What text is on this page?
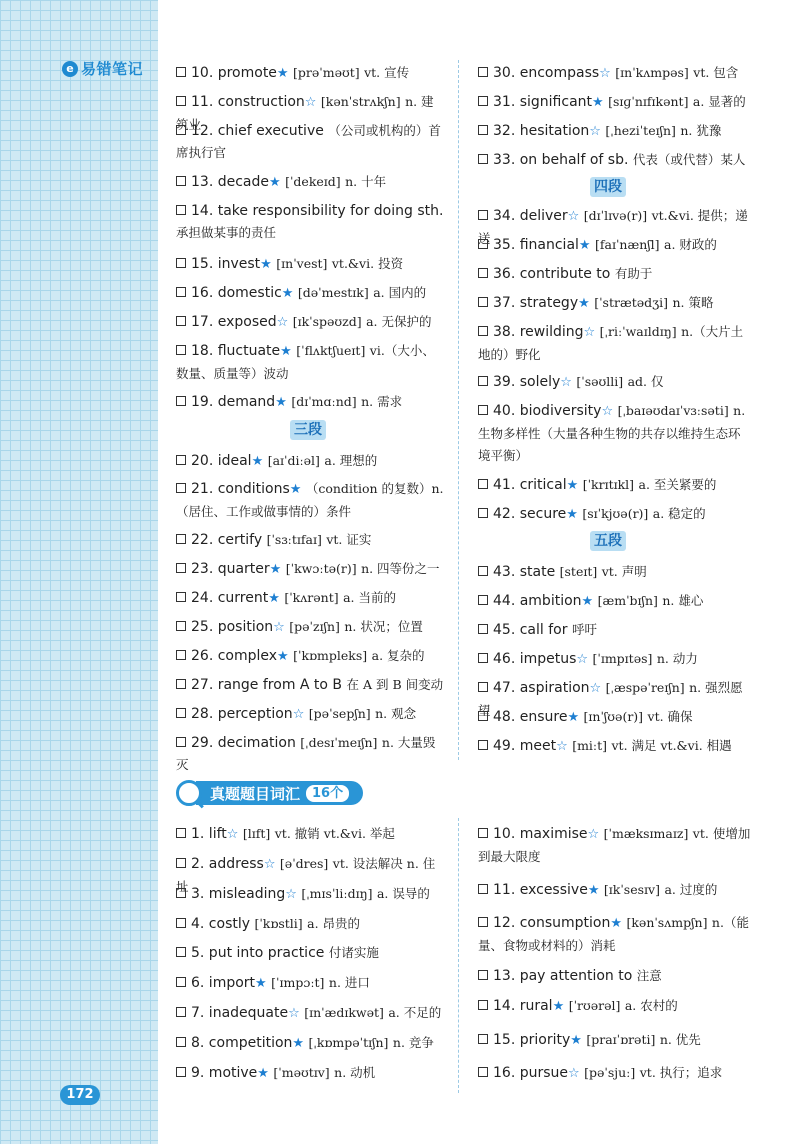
e 易错笔记
172
10. promote★ [prəˈməʊt] vt. 宣传
11. construction☆ [kənˈstrʌkʃn] n. 建筑业
12. chief executive （公司或机构的）首席执行官
13. decade★ [ˈdekeɪd] n. 十年
14. take responsibility for doing sth. 承担做某事的责任
15. invest★ [ɪnˈvest] vt.&vi. 投资
16. domestic★ [dəˈmestɪk] a. 国内的
17. exposed☆ [ɪkˈspəʊzd] a. 无保护的
18. fluctuate★ [ˈflʌktʃueɪt] vi.（大小、数量、质量等）波动
19. demand★ [dɪˈmɑːnd] n. 需求
20. ideal★ [aɪˈdiːəl] a. 理想的
21. conditions★ （condition 的复数）n.（居住、工作或做事情的）条件
22. certify [ˈsɜːtɪfaɪ] vt. 证实
23. quarter★ [ˈkwɔːtə(r)] n. 四等份之一
24. current★ [ˈkʌrənt] a. 当前的
25. position☆ [pəˈzɪʃn] n. 状况；位置
26. complex★ [ˈkɒmpleks] a. 复杂的
27. range from A to B 在 A 到 B 间变动
28. perception☆ [pəˈsepʃn] n. 观念
29. decimation [ˌdesɪˈmeɪʃn] n. 大量毁灭
30. encompass☆ [ɪnˈkʌmpəs] vt. 包含
31. significant★ [sɪɡˈnɪfɪkənt] a. 显著的
32. hesitation☆ [ˌheziˈteɪʃn] n. 犹豫
33. on behalf of sb. 代表（或代替）某人
34. deliver☆ [dɪˈlɪvə(r)] vt.&vi. 提供；递送 35. financial★ [faɪˈnænʃl] a. 财政的
36. contribute to 有助于
37. strategy★ [ˈstrætədʒi] n. 策略
38. rewilding☆ [ˌriːˈwaɪldɪŋ] n.（大片土地的）野化
39. solely☆ [ˈsəʊlli] ad. 仅
40. biodiversity☆ [ˌbaɪəʊdaɪˈvɜːsəti] n. 生物多样性（大量各种生物的共存以维持生态环境平衡）
41. critical★ [ˈkrɪtɪkl] a. 至关紧要的
42. secure★ [sɪˈkjʊə(r)] a. 稳定的
43. state [steɪt] vt. 声明
44. ambition★ [æmˈbɪʃn] n. 雄心
45. call for 呼吁
46. impetus☆ [ˈɪmpɪtəs] n. 动力
47. aspiration☆ [ˌæspəˈreɪʃn] n. 强烈愿望 48. ensure★ [ɪnˈʃʊə(r)] vt. 确保
49. meet☆ [miːt] vt. 满足 vt.&vi. 相遇
三段
四段
五段
真题题目词汇 16个
1. lift☆ [lɪft] vt. 撤销 vt.&vi. 举起
2. address☆ [əˈdres] vt. 设法解决 n. 住址 3. misleading☆ [ˌmɪsˈliːdɪŋ] a. 误导的
4. costly [ˈkɒstli] a. 昂贵的
5. put into practice 付诸实施
6. import★ [ˈɪmpɔːt] n. 进口
7. inadequate☆ [ɪnˈædɪkwət] a. 不足的
8. competition★ [ˌkɒmpəˈtɪʃn] n. 竞争
9. motive★ [ˈməʊtɪv] n. 动机
10. maximise☆ [ˈmæksɪmaɪz] vt. 使增加到最大限度
11. excessive★ [ɪkˈsesɪv] a. 过度的
12. consumption★ [kənˈsʌmpʃn] n.（能量、食物或材料的）消耗
13. pay attention to 注意
14. rural★ [ˈrʊərəl] a. 农村的
15. priority★ [praɪˈɒrəti] n. 优先
16. pursue☆ [pəˈsjuː] vt. 执行；追求
